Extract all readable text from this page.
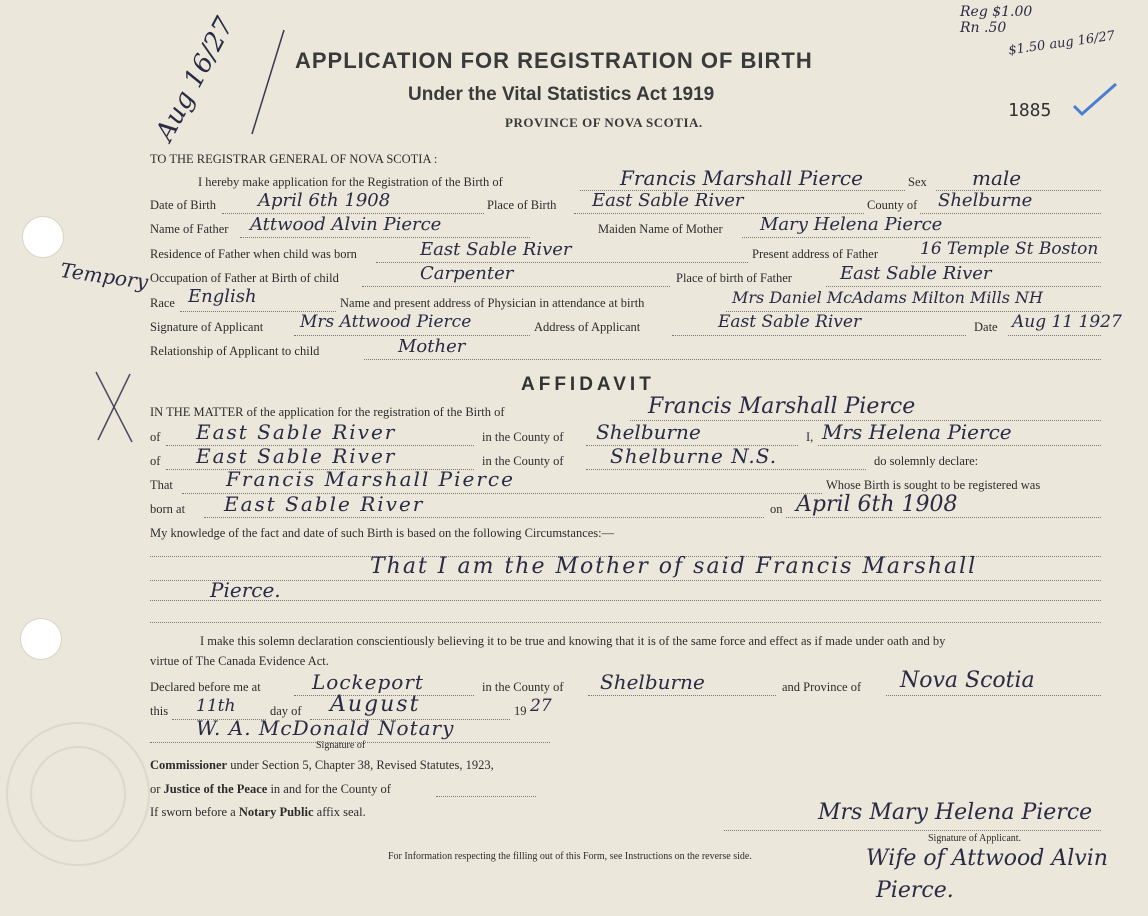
APPLICATION FOR REGISTRATION OF BIRTH
Under the Vital Statistics Act 1919
PROVINCE OF NOVA SCOTIA.
1885
Aug 16/27
Reg $1.00
Rn .50
$1.50 aug 16/27
TO THE REGISTRAR GENERAL OF NOVA SCOTIA :
I hereby make application for the Registration of the Birth of	Francis Marshall Pierce	Sex male
Date of Birth April 6th 1908	Place of Birth East Sable River	County of Shelburne
Name of Father Attwood Alvin Pierce	Maiden Name of Mother Mary Helena Pierce
Residence of Father when child was born	East Sable River	Present address of Father 16 Temple St Boston
Tempory Occupation of Father at Birth of child	Carpenter	Place of birth of Father	East Sable River
Race English	Name and present address of Physician in attendance at birth	Mrs Daniel McAdams Milton Mills NH
Signature of Applicant Mrs Attwood Pierce	Address of Applicant	East Sable River	Date Aug 11 1927
Relationship of Applicant to child	Mother
AFFIDAVIT
IN THE MATTER of the application for the registration of the Birth of	Francis Marshall Pierce
of East Sable River	in the County of Shelburne	I, Mrs Helena Pierce
of East Sable River	in the County of Shelburne N.S.	do solemnly declare:
That	Francis Marshall Pierce	Whose Birth is sought to be registered was
born at East Sable River	on April 6th 1908
My knowledge of the fact and date of such Birth is based on the following Circumstances:—
That I am the Mother of said Francis Marshall
Pierce.
I make this solemn declaration conscientiously believing it to be true and knowing that it is of the same force and effect as if made under oath and by
virtue of The Canada Evidence Act.
Declared before me at	Lockeport	in the County of Shelburne	and Province of Nova Scotia
this 11th	day of August	19 27
W. A. McDonald Notary
Signature of
Commissioner under Section 5, Chapter 38, Revised Statutes, 1923,
or Justice of the Peace in and for the County of
If sworn before a Notary Public affix seal.	Mrs Mary Helena Pierce
Signature of Applicant.
For Information respecting the filling out of this Form, see Instructions on the reverse side.	Wife of Attwood Alvin
Pierce.
